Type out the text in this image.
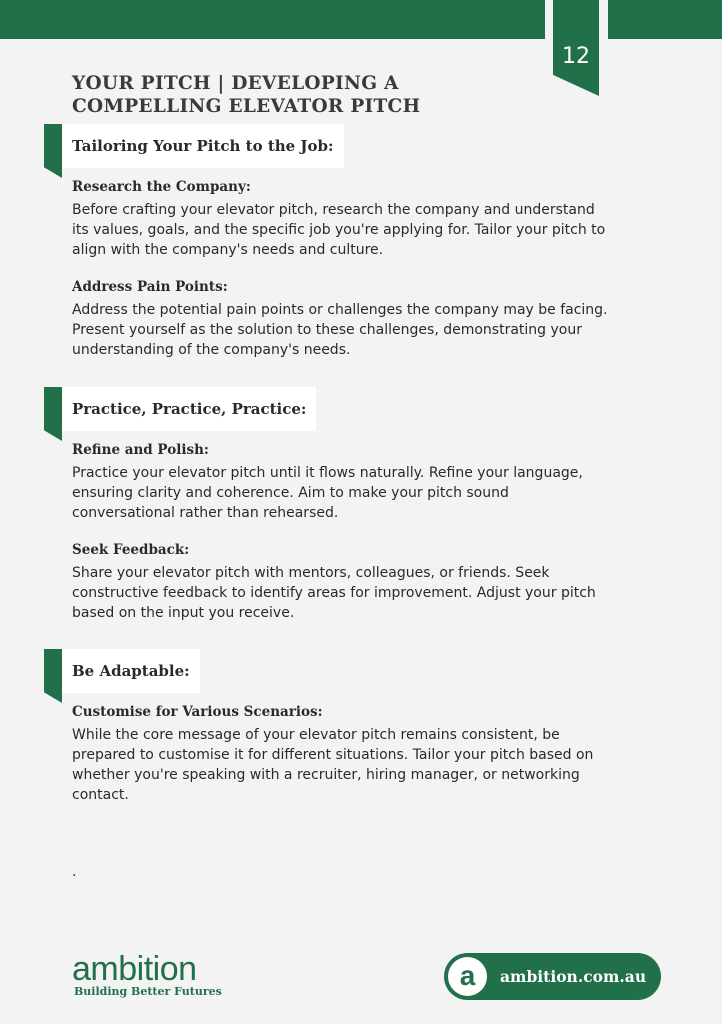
12
YOUR PITCH | DEVELOPING A COMPELLING ELEVATOR PITCH
Tailoring Your Pitch to the Job:

Research the Company:

Before crafting your elevator pitch, research the company and understand its values, goals, and the specific job you're applying for. Tailor your pitch to align with the company's needs and culture.

Address Pain Points:

Address the potential pain points or challenges the company may be facing. Present yourself as the solution to these challenges, demonstrating your understanding of the company's needs.

Practice, Practice, Practice:

Refine and Polish:

Practice your elevator pitch until it flows naturally. Refine your language, ensuring clarity and coherence. Aim to make your pitch sound conversational rather than rehearsed.

Seek Feedback:

Share your elevator pitch with mentors, colleagues, or friends. Seek constructive feedback to identify areas for improvement. Adjust your pitch based on the input you receive.

Be Adaptable:

Customise for Various Scenarios:

While the core message of your elevator pitch remains consistent, be prepared to customise it for different situations. Tailor your pitch based on whether you're speaking with a recruiter, hiring manager, or networking contact.

.
ambition
Building Better Futures
a	ambition.com.au
